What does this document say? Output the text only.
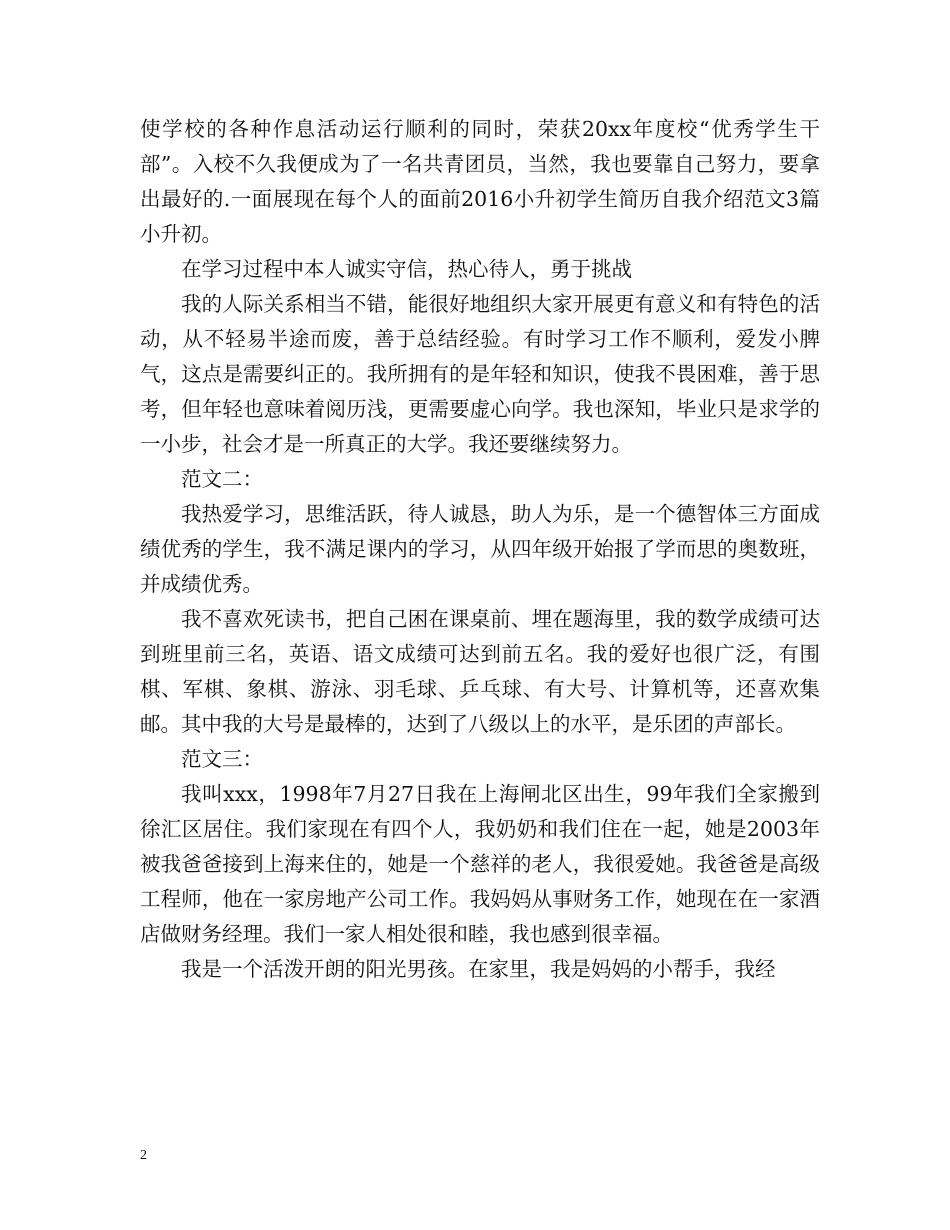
使学校的各种作息活动运行顺利的同时，荣获20xx年度校“优秀学生干部”。入校不久我便成为了一名共青团员，当然，我也要靠自己努力，要拿出最好的.一面展现在每个人的面前2016小升初学生简历自我介绍范文3篇小升初。

在学习过程中本人诚实守信，热心待人，勇于挑战

我的人际关系相当不错，能很好地组织大家开展更有意义和有特色的活动，从不轻易半途而废，善于总结经验。有时学习工作不顺利，爱发小脾气，这点是需要纠正的。我所拥有的是年轻和知识，使我不畏困难，善于思考，但年轻也意味着阅历浅，更需要虚心向学。我也深知，毕业只是求学的一小步，社会才是一所真正的大学。我还要继续努力。

范文二：

我热爱学习，思维活跃，待人诚恳，助人为乐，是一个德智体三方面成绩优秀的学生，我不满足课内的学习，从四年级开始报了学而思的奥数班，并成绩优秀。

我不喜欢死读书，把自己困在课桌前、埋在题海里，我的数学成绩可达到班里前三名，英语、语文成绩可达到前五名。我的爱好也很广泛，有围棋、军棋、象棋、游泳、羽毛球、乒乓球、有大号、计算机等，还喜欢集邮。其中我的大号是最棒的，达到了八级以上的水平，是乐团的声部长。

范文三：

我叫xxx，1998年7月27日我在上海闸北区出生，99年我们全家搬到徐汇区居住。我们家现在有四个人，我奶奶和我们住在一起，她是2003年被我爸爸接到上海来住的，她是一个慈祥的老人，我很爱她。我爸爸是高级工程师，他在一家房地产公司工作。我妈妈从事财务工作，她现在在一家酒店做财务经理。我们一家人相处很和睦，我也感到很幸福。

我是一个活泼开朗的阳光男孩。在家里，我是妈妈的小帮手，我经

2
